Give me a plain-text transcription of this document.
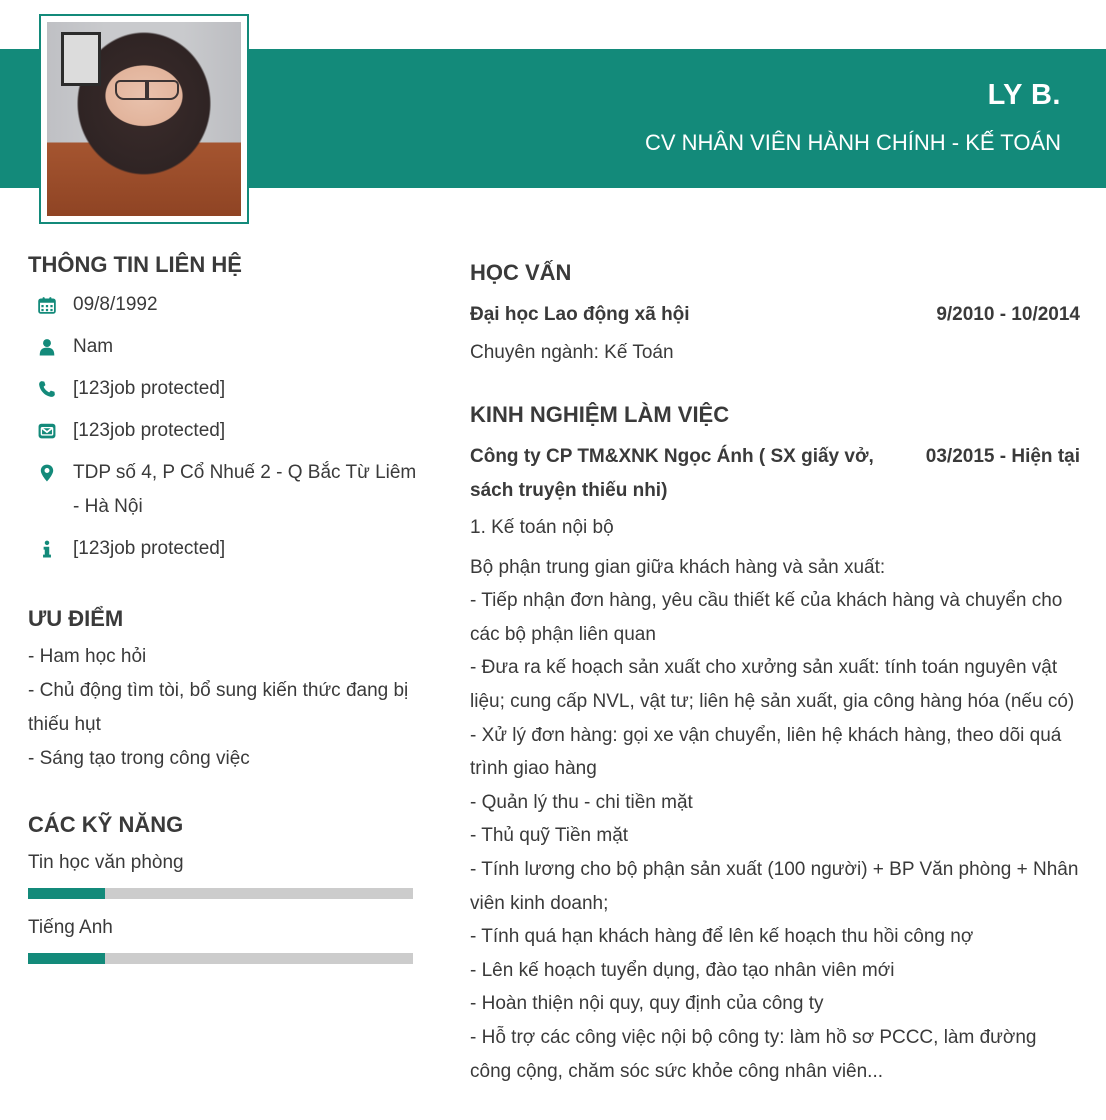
LY B.
CV NHÂN VIÊN HÀNH CHÍNH - KẾ TOÁN
THÔNG TIN LIÊN HỆ
09/8/1992
Nam
[123job protected]
[123job protected]
TDP số 4, P Cổ Nhuế 2 - Q Bắc Từ Liêm - Hà Nội
[123job protected]
ƯU ĐIỂM

- Ham học hỏi

- Chủ động tìm tòi, bổ sung kiến thức đang bị thiếu hụt

- Sáng tạo trong công việc

CÁC KỸ NĂNG
Tin học văn phòng
Tiếng Anh
HỌC VẤN
Đại học Lao động xã hội	9/2010 - 10/2014
Chuyên ngành: Kế Toán
KINH NGHIỆM LÀM VIỆC
Công ty CP TM&XNK Ngọc Ánh ( SX giấy vở, sách truyện thiếu nhi)
03/2015 - Hiện tại

1. Kế toán nội bộ

Bộ phận trung gian giữa khách hàng và sản xuất:

- Tiếp nhận đơn hàng, yêu cầu thiết kế của khách hàng và chuyển cho các bộ phận liên quan

- Đưa ra kế hoạch sản xuất cho xưởng sản xuất: tính toán nguyên vật liệu; cung cấp NVL, vật tư; liên hệ sản xuất, gia công hàng hóa (nếu có)

- Xử lý đơn hàng: gọi xe vận chuyển, liên hệ khách hàng, theo dõi quá trình giao hàng

- Quản lý thu - chi tiền mặt

- Thủ quỹ Tiền mặt

- Tính lương cho bộ phận sản xuất (100 người) + BP Văn phòng + Nhân viên kinh doanh;

- Tính quá hạn khách hàng để lên kế hoạch thu hồi công nợ

- Lên kế hoạch tuyển dụng, đào tạo nhân viên mới

- Hoàn thiện nội quy, quy định của công ty

- Hỗ trợ các công việc nội bộ công ty: làm hồ sơ PCCC, làm đường công cộng, chăm sóc sức khỏe công nhân viên...
